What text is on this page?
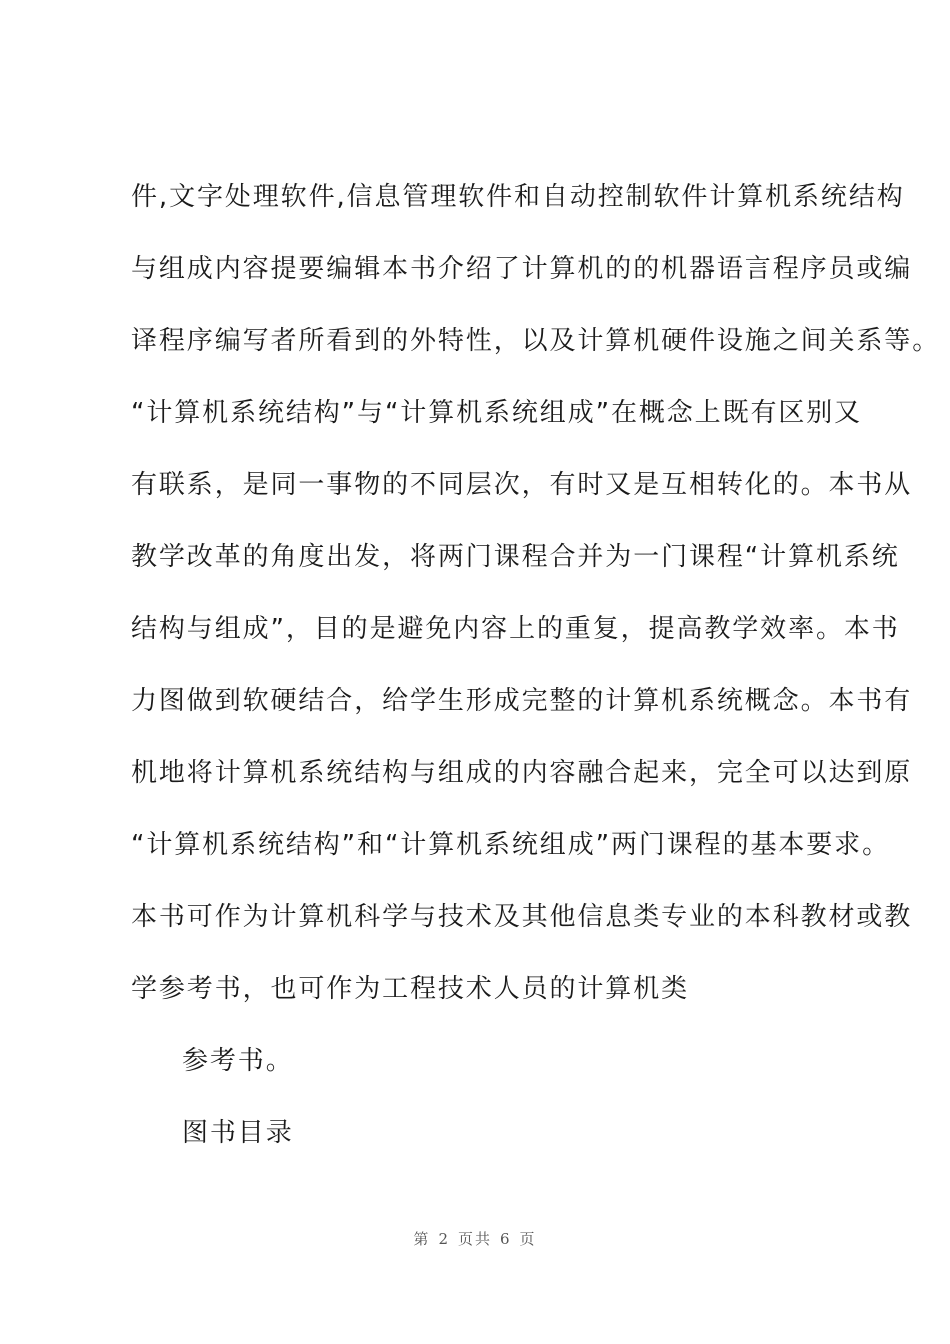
件,文字处理软件,信息管理软件和自动控制软件计算机系统结构
与组成内容提要编辑本书介绍了计算机的的机器语言程序员或编
译程序编写者所看到的外特性，以及计算机硬件设施之间关系等。
“计算机系统结构”与“计算机系统组成”在概念上既有区别又
有联系，是同一事物的不同层次，有时又是互相转化的。本书从
教学改革的角度出发，将两门课程合并为一门课程“计算机系统
结构与组成”，目的是避免内容上的重复，提高教学效率。本书
力图做到软硬结合，给学生形成完整的计算机系统概念。本书有
机地将计算机系统结构与组成的内容融合起来，完全可以达到原
“计算机系统结构”和“计算机系统组成”两门课程的基本要求。
本书可作为计算机科学与技术及其他信息类专业的本科教材或教
学参考书，也可作为工程技术人员的计算机类
参考书。
图书目录
第 2 页共 6 页
